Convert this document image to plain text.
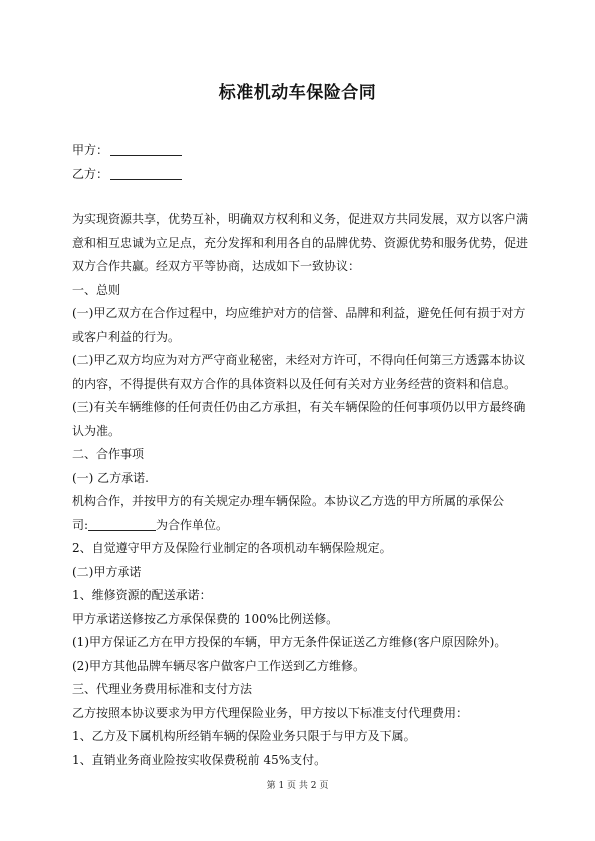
标准机动车保险合同
甲方：
乙方：

为实现资源共享，优势互补，明确双方权利和义务，促进双方共同发展，双方以客户满意和相互忠诚为立足点，充分发挥和利用各自的品牌优势、资源优势和服务优势，促进双方合作共赢。经双方平等协商，达成如下一致协议：

一、总则

(一)甲乙双方在合作过程中，均应维护对方的信誉、品牌和利益，避免任何有损于对方或客户利益的行为。

(二)甲乙双方均应为对方严守商业秘密，未经对方许可，不得向任何第三方透露本协议的内容，不得提供有双方合作的具体资料以及任何有关对方业务经营的资料和信息。

(三)有关车辆维修的任何责任仍由乙方承担，有关车辆保险的任何事项仍以甲方最终确认为准。

二、合作事项

(一) 乙方承诺.

机构合作，并按甲方的有关规定办理车辆保险。本协议乙方选的甲方所属的承保公

司:	为合作单位。

2、自觉遵守甲方及保险行业制定的各项机动车辆保险规定。

(二)甲方承诺

1、维修资源的配送承诺：

甲方承诺送修按乙方承保保费的 100%比例送修。

(1)甲方保证乙方在甲方投保的车辆，甲方无条件保证送乙方维修(客户原因除外)。

(2)甲方其他品牌车辆尽客户做客户工作送到乙方维修。

三、代理业务费用标准和支付方法

乙方按照本协议要求为甲方代理保险业务，甲方按以下标准支付代理费用：

1、乙方及下属机构所经销车辆的保险业务只限于与甲方及下属。

1、直销业务商业险按实收保费税前 45%支付。

第 1 页 共 2 页
